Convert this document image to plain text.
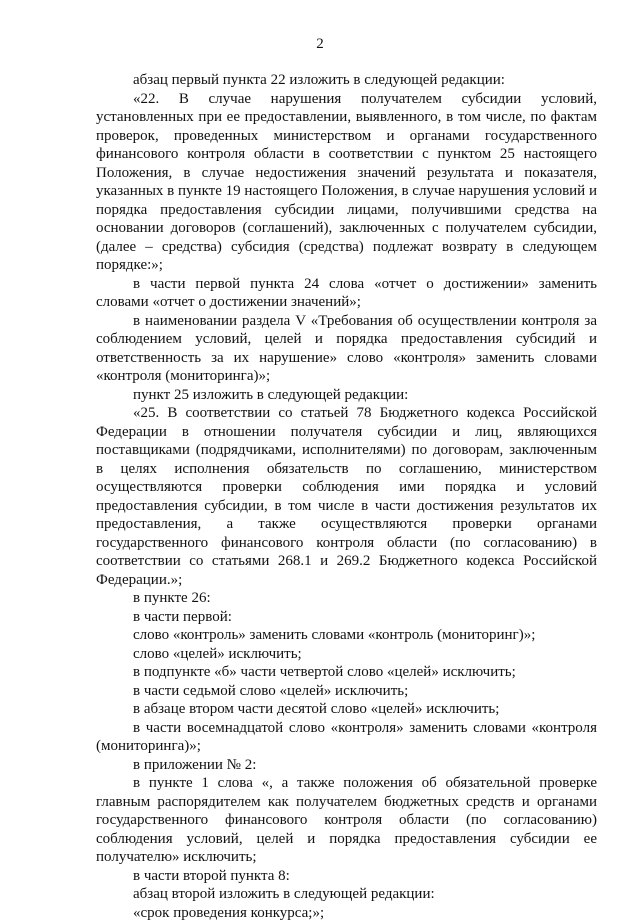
2

абзац первый пункта 22 изложить в следующей редакции:

«22. В случае нарушения получателем субсидии условий, установленных при ее предоставлении, выявленного, в том числе, по фактам проверок, проведенных министерством и органами государственного финансового контроля области в соответствии с пунктом 25 настоящего Положения, в случае недостижения значений результата и показателя, указанных в пункте 19 настоящего Положения, в случае нарушения условий и порядка предоставления субсидии лицами, получившими средства на основании договоров (соглашений), заключенных с получателем субсидии, (далее – средства) субсидия (средства) подлежат возврату в следующем порядке:»;

в части первой пункта 24 слова «отчет о достижении» заменить словами «отчет о достижении значений»;

в наименовании раздела V «Требования об осуществлении контроля за соблюдением условий, целей и порядка предоставления субсидий и ответственность за их нарушение» слово «контроля» заменить словами «контроля (мониторинга)»;

пункт 25 изложить в следующей редакции:

«25. В соответствии со статьей 78 Бюджетного кодекса Российской Федерации в отношении получателя субсидии и лиц, являющихся поставщиками (подрядчиками, исполнителями) по договорам, заключенным в целях исполнения обязательств по соглашению, министерством осуществляются проверки соблюдения ими порядка и условий предоставления субсидии, в том числе в части достижения результатов их предоставления, а также осуществляются проверки органами государственного финансового контроля области (по согласованию) в соответствии со статьями 268.1 и 269.2 Бюджетного кодекса Российской Федерации.»;

в пункте 26:

в части первой:

слово «контроль» заменить словами «контроль (мониторинг)»;

слово «целей» исключить;

в подпункте «б» части четвертой слово «целей» исключить;

в части седьмой слово «целей» исключить;

в абзаце втором части десятой слово «целей» исключить;

в части восемнадцатой слово «контроля» заменить словами «контроля (мониторинга)»;

в приложении № 2:

в пункте 1 слова «, а также положения об обязательной проверке главным распорядителем как получателем бюджетных средств и органами государственного финансового контроля области (по согласованию) соблюдения условий, целей и порядка предоставления субсидии ее получателю» исключить;

в части второй пункта 8:

абзац второй изложить в следующей редакции:

«срок проведения конкурса;»;
